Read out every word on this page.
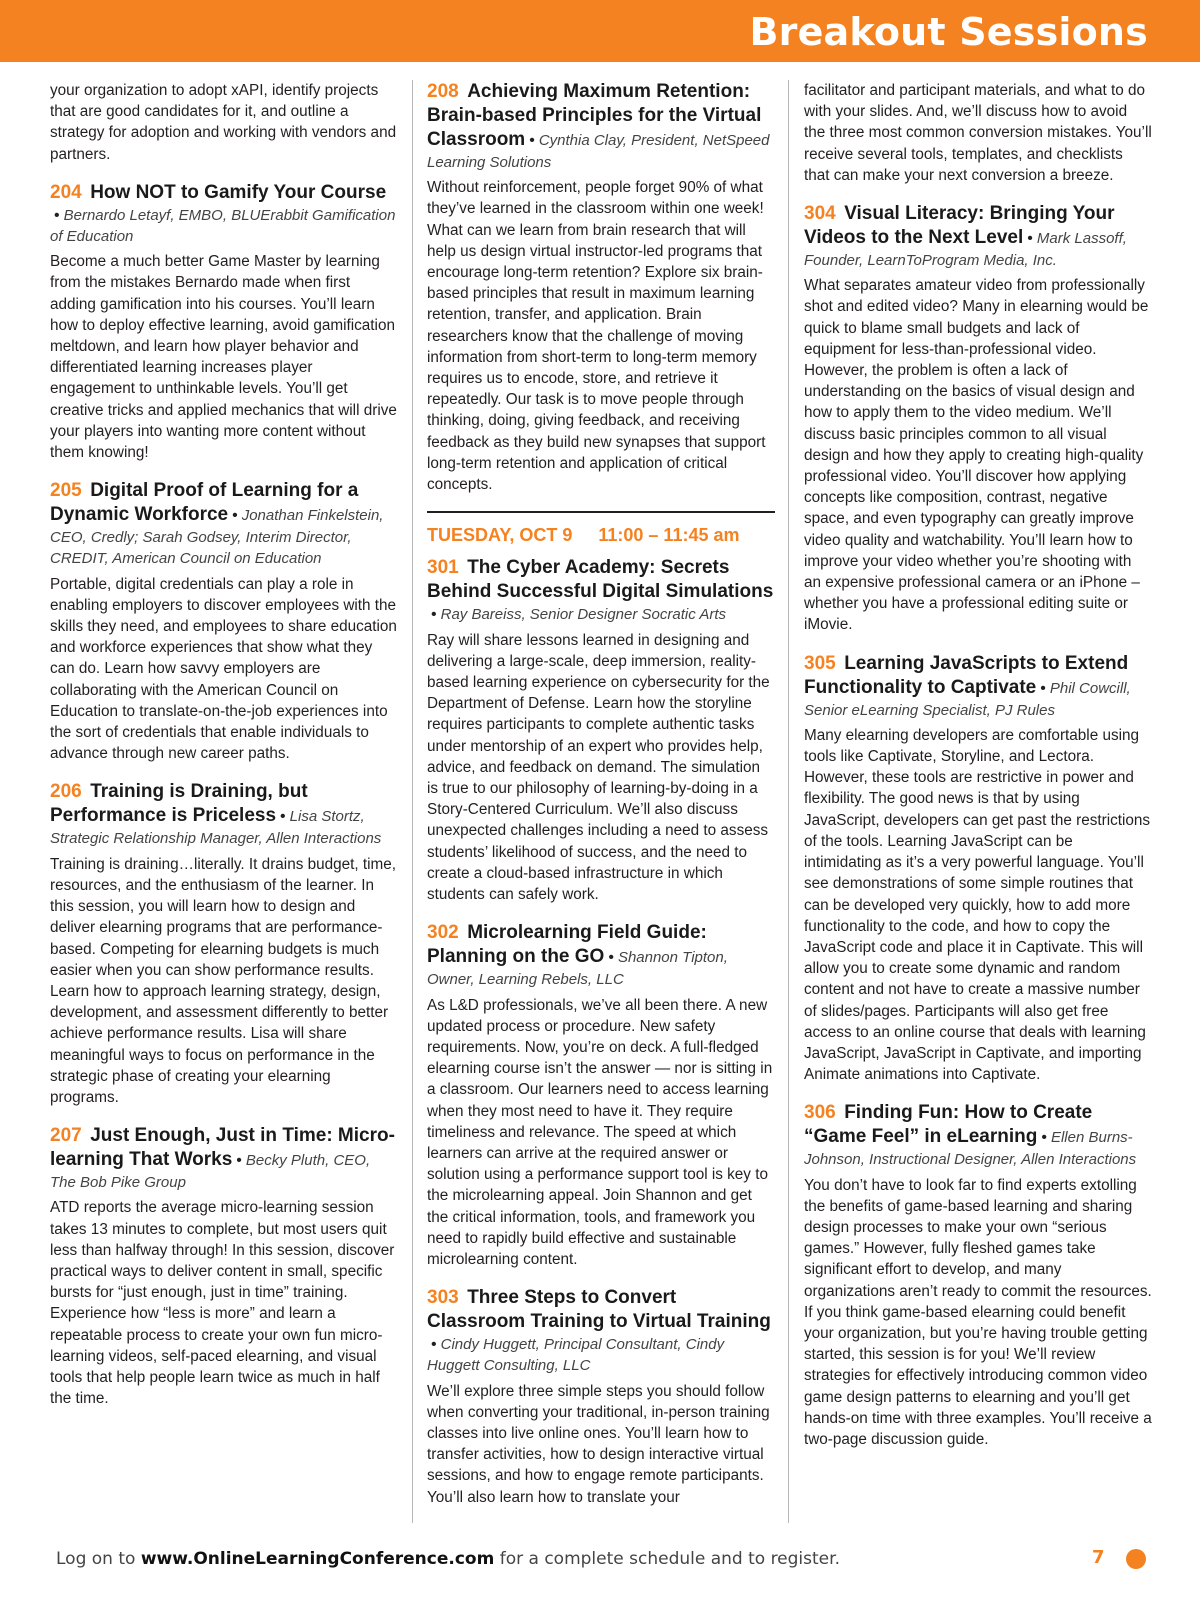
Breakout Sessions

your organization to adopt xAPI, identify projects that are good candidates for it, and outline a strategy for adoption and working with vendors and partners.

204 How NOT to Gamify Your Course
• Bernardo Letayf, EMBO, BLUErabbit Gamification of Education

Become a much better Game Master by learning from the mistakes Bernardo made when first adding gamification into his courses. You’ll learn how to deploy effective learning, avoid gamification meltdown, and learn how player behavior and differentiated learning increases player engagement to unthinkable levels. You’ll get creative tricks and applied mechanics that will drive your players into wanting more content without them knowing!

205 Digital Proof of Learning for a Dynamic Workforce • Jonathan Finkelstein, CEO, Credly; Sarah Godsey, Interim Director, CREDIT, American Council on Education

Portable, digital credentials can play a role in enabling employers to discover employees with the skills they need, and employees to share education and workforce experiences that show what they can do. Learn how savvy employers are collaborating with the American Council on Education to translate-on-the-job experiences into the sort of credentials that enable individuals to advance through new career paths.

206 Training is Draining, but Performance is Priceless • Lisa Stortz, Strategic Relationship Manager, Allen Interactions

Training is draining…literally. It drains budget, time, resources, and the enthusiasm of the learner. In this session, you will learn how to design and deliver elearning programs that are performance-based. Competing for elearning budgets is much easier when you can show performance results. Learn how to approach learning strategy, design, development, and assessment differently to better achieve performance results. Lisa will share meaningful ways to focus on performance in the strategic phase of creating your elearning programs.

207 Just Enough, Just in Time: Micro-learning That Works • Becky Pluth, CEO, The Bob Pike Group

ATD reports the average micro-learning session takes 13 minutes to complete, but most users quit less than halfway through! In this session, discover practical ways to deliver content in small, specific bursts for “just enough, just in time” training. Experience how “less is more” and learn a repeatable process to create your own fun micro-learning videos, self-paced elearning, and visual tools that help people learn twice as much in half the time.

208 Achieving Maximum Retention: Brain-based Principles for the Virtual Classroom • Cynthia Clay, President, NetSpeed Learning Solutions

Without reinforcement, people forget 90% of what they’ve learned in the classroom within one week! What can we learn from brain research that will help us design virtual instructor-led programs that encourage long-term retention? Explore six brain-based principles that result in maximum learning retention, transfer, and application. Brain researchers know that the challenge of moving information from short-term to long-term memory requires us to encode, store, and retrieve it repeatedly. Our task is to move people through thinking, doing, giving feedback, and receiving feedback as they build new synapses that support long-term retention and application of critical concepts.

TUESDAY, OCT 9 11:00 – 11:45 am
301 The Cyber Academy: Secrets Behind Successful Digital Simulations
• Ray Bareiss, Senior Designer Socratic Arts

Ray will share lessons learned in designing and delivering a large-scale, deep immersion, reality-based learning experience on cybersecurity for the Department of Defense. Learn how the storyline requires participants to complete authentic tasks under mentorship of an expert who provides help, advice, and feedback on demand. The simulation is true to our philosophy of learning-by-doing in a Story-Centered Curriculum. We’ll also discuss unexpected challenges including a need to assess students’ likelihood of success, and the need to create a cloud-based infrastructure in which students can safely work.

302 Microlearning Field Guide: Planning on the GO • Shannon Tipton, Owner, Learning Rebels, LLC

As L&D professionals, we’ve all been there. A new updated process or procedure. New safety requirements. Now, you’re on deck. A full-fledged elearning course isn’t the answer — nor is sitting in a classroom. Our learners need to access learning when they most need to have it. They require timeliness and relevance. The speed at which learners can arrive at the required answer or solution using a performance support tool is key to the microlearning appeal. Join Shannon and get the critical information, tools, and framework you need to rapidly build effective and sustainable microlearning content.

303 Three Steps to Convert Classroom Training to Virtual Training
• Cindy Huggett, Principal Consultant, Cindy Huggett Consulting, LLC

We’ll explore three simple steps you should follow when converting your traditional, in-person training classes into live online ones. You’ll learn how to transfer activities, how to design interactive virtual sessions, and how to engage remote participants. You’ll also learn how to translate your

facilitator and participant materials, and what to do with your slides. And, we’ll discuss how to avoid the three most common conversion mistakes. You’ll receive several tools, templates, and checklists that can make your next conversion a breeze.

304 Visual Literacy: Bringing Your Videos to the Next Level • Mark Lassoff, Founder, LearnToProgram Media, Inc.

What separates amateur video from professionally shot and edited video? Many in elearning would be quick to blame small budgets and lack of equipment for less-than-professional video. However, the problem is often a lack of understanding on the basics of visual design and how to apply them to the video medium. We’ll discuss basic principles common to all visual design and how they apply to creating high-quality professional video. You’ll discover how applying concepts like composition, contrast, negative space, and even typography can greatly improve video quality and watchability. You’ll learn how to improve your video whether you’re shooting with an expensive professional camera or an iPhone – whether you have a professional editing suite or iMovie.

305 Learning JavaScripts to Extend Functionality to Captivate • Phil Cowcill, Senior eLearning Specialist, PJ Rules

Many elearning developers are comfortable using tools like Captivate, Storyline, and Lectora. However, these tools are restrictive in power and flexibility. The good news is that by using JavaScript, developers can get past the restrictions of the tools. Learning JavaScript can be intimidating as it’s a very powerful language. You’ll see demonstrations of some simple routines that can be developed very quickly, how to add more functionality to the code, and how to copy the JavaScript code and place it in Captivate. This will allow you to create some dynamic and random content and not have to create a massive number of slides/pages. Participants will also get free access to an online course that deals with learning JavaScript, JavaScript in Captivate, and importing Animate animations into Captivate.

306 Finding Fun: How to Create “Game Feel” in eLearning • Ellen Burns-Johnson, Instructional Designer, Allen Interactions

You don’t have to look far to find experts extolling the benefits of game-based learning and sharing design processes to make your own “serious games.” However, fully fleshed games take significant effort to develop, and many organizations aren’t ready to commit the resources. If you think game-based elearning could benefit your organization, but you’re having trouble getting started, this session is for you! We’ll review strategies for effectively introducing common video game design patterns to elearning and you’ll get hands-on time with three examples. You’ll receive a two-page discussion guide.

Log on to www.OnlineLearningConference.com for a complete schedule and to register.	7
